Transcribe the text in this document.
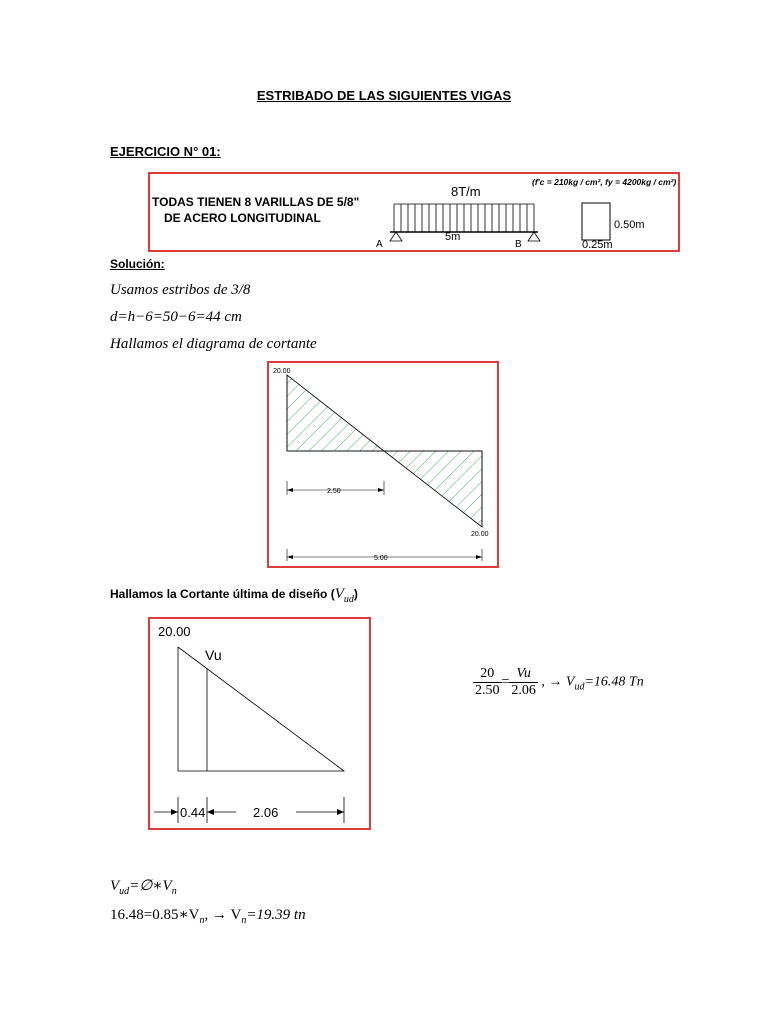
ESTRIBADO DE LAS SIGUIENTES VIGAS
EJERCICIO N° 01:
TODAS TIENEN 8 VARILLAS DE 5/8"
DE ACERO LONGITUDINAL
(f'c = 210kg / cm², fy = 4200kg / cm²)
8T/m
A	B
5m
0.50m
0.25m
Solución:
Usamos estribos de 3/8
d=h−6=50−6=44 cm
Hallamos el diagrama de cortante
20.00
20.00
2.50
5.00
Hallamos la Cortante última de diseño $(V_{ud})$
20.00
Vu
0.44	2.06
$\frac{20}{2.50} = \frac{Vu}{2.06}$ , → $V_{ud}=16.48$ Tn
$V_{ud}=\emptyset∗V_n$
$16.48=0.85∗V_n$, → $V_n=19.39$ tn
